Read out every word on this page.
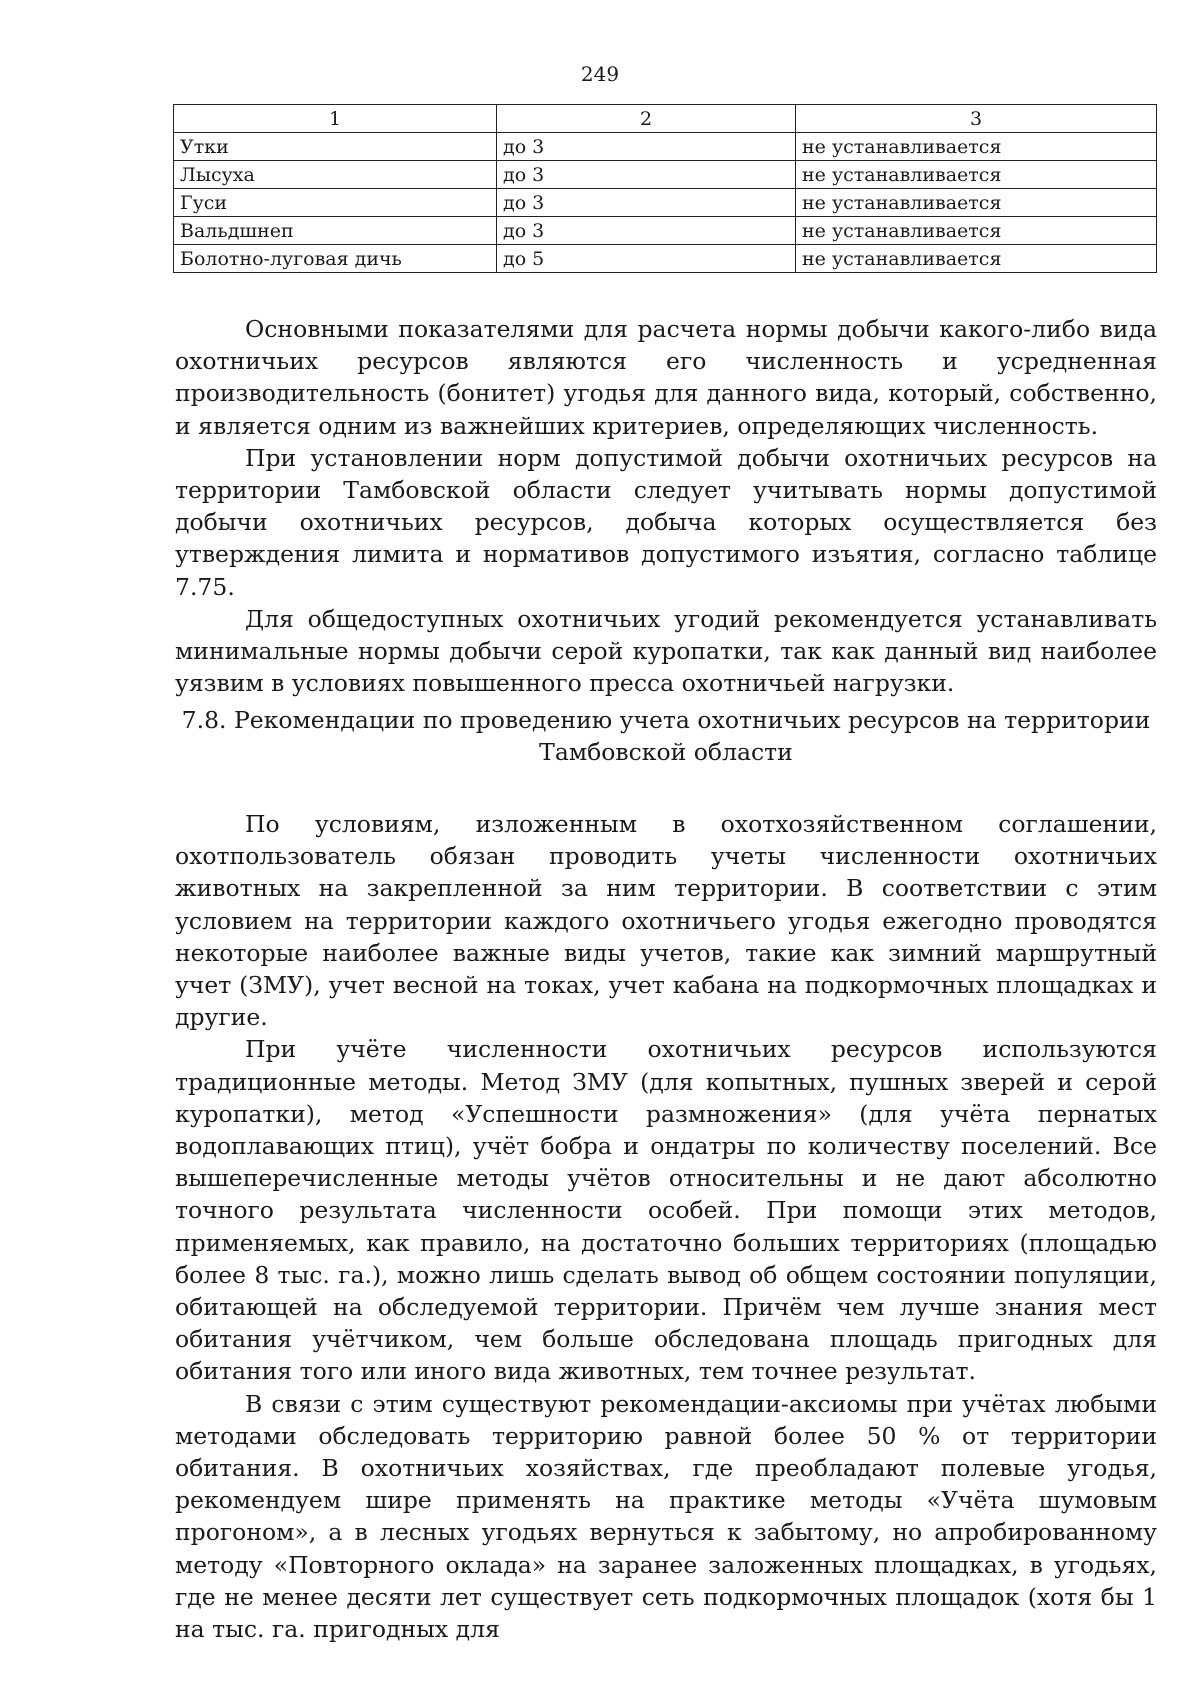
249
1	2	3
Утки	до 3	не устанавливается
Лысуха	до 3	не устанавливается
Гуси	до 3	не устанавливается
Вальдшнеп	до 3	не устанавливается
Болотно-луговая дичь	до 5	не устанавливается

Основными показателями для расчета нормы добычи какого-либо вида охотничьих ресурсов являются его численность и усредненная производительность (бонитет) угодья для данного вида, который, собственно, и является одним из важнейших критериев, определяющих численность.

При установлении норм допустимой добычи охотничьих ресурсов на территории Тамбовской области следует учитывать нормы допустимой добычи охотничьих ресурсов, добыча которых осуществляется без утверждения лимита и нормативов допустимого изъятия, согласно таблице 7.75.

Для общедоступных охотничьих угодий рекомендуется устанавливать минимальные нормы добычи серой куропатки, так как данный вид наиболее уязвим в условиях повышенного пресса охотничьей нагрузки.

7.8. Рекомендации по проведению учета охотничьих ресурсов на территории
Тамбовской области

По условиям, изложенным в охотхозяйственном соглашении, охотпользователь обязан проводить учеты численности охотничьих животных на закрепленной за ним территории. В соответствии с этим условием на территории каждого охотничьего угодья ежегодно проводятся некоторые наиболее важные виды учетов, такие как зимний маршрутный учет (ЗМУ), учет весной на токах, учет кабана на подкормочных площадках и другие.

При учёте численности охотничьих ресурсов используются традиционные методы. Метод ЗМУ (для копытных, пушных зверей и серой куропатки), метод «Успешности размножения» (для учёта пернатых водоплавающих птиц), учёт бобра и ондатры по количеству поселений. Все вышеперечисленные методы учётов относительны и не дают абсолютно точного результата численности особей. При помощи этих методов, применяемых, как правило, на достаточно больших территориях (площадью более 8 тыс. га.), можно лишь сделать вывод об общем состоянии популяции, обитающей на обследуемой территории. Причём чем лучше знания мест обитания учётчиком, чем больше обследована площадь пригодных для обитания того или иного вида животных, тем точнее результат.

В связи с этим существуют рекомендации-аксиомы при учётах любыми методами обследовать территорию равной более 50 % от территории обитания. В охотничьих хозяйствах, где преобладают полевые угодья, рекомендуем шире применять на практике методы «Учёта шумовым прогоном», а в лесных угодьях вернуться к забытому, но апробированному методу «Повторного оклада» на заранее заложенных площадках, в угодьях, где не менее десяти лет существует сеть подкормочных площадок (хотя бы 1 на тыс. га. пригодных для
